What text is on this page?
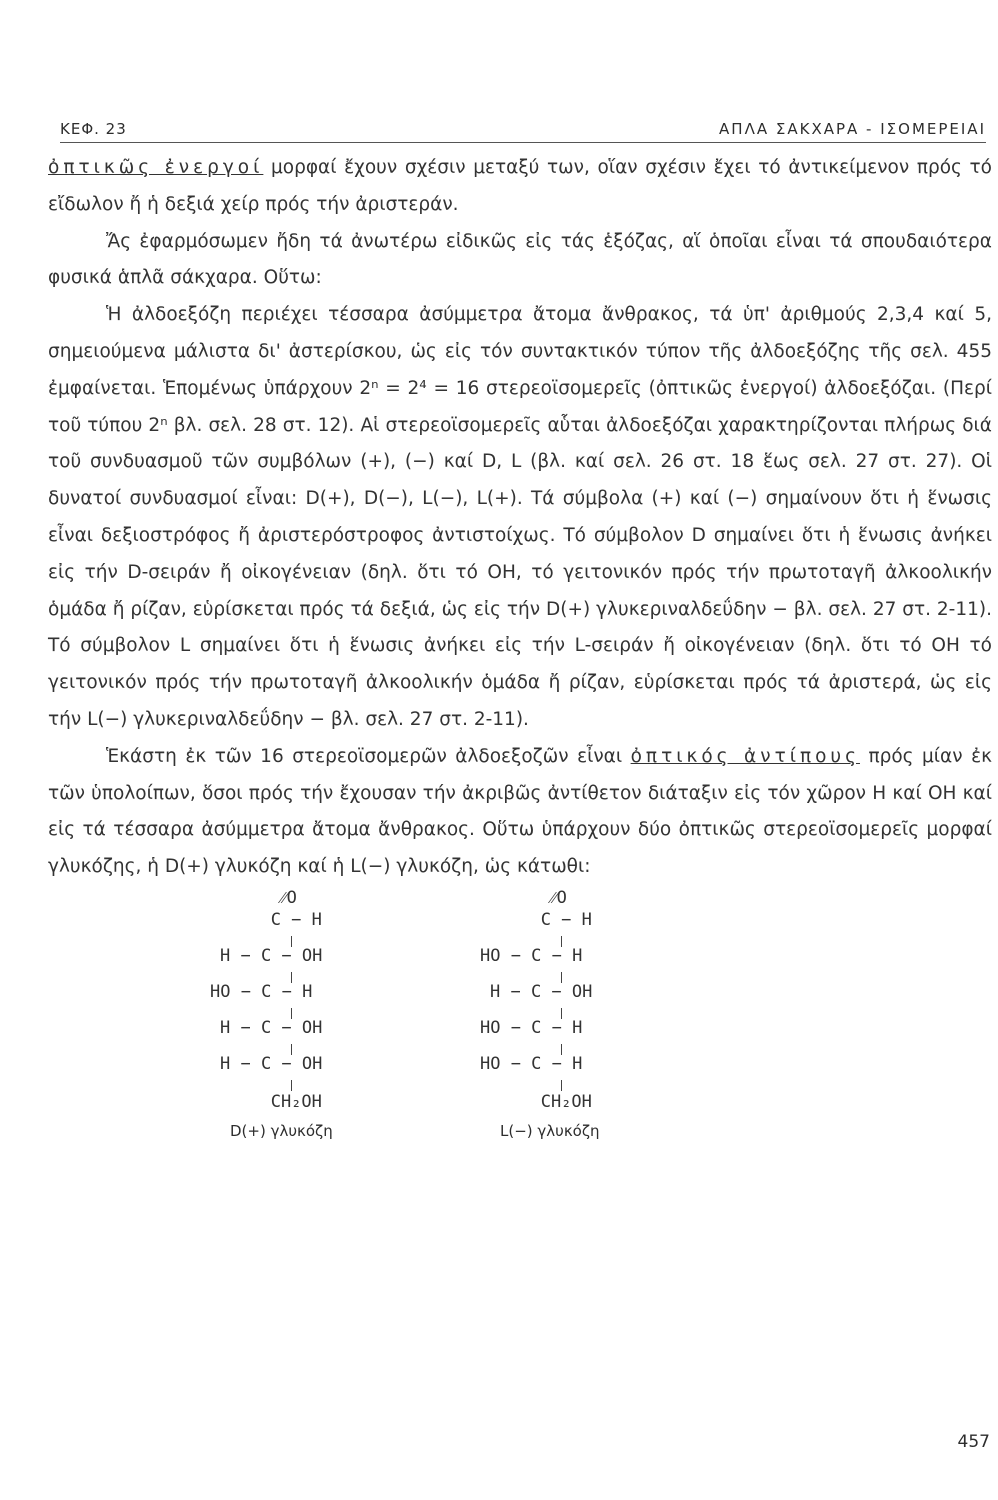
ΚΕΦ. 23	ΑΠΛΑ ΣΑΚΧΑΡΑ - ΙΣΟΜΕΡΕΙΑΙ

ὀπτικῶς ἐνεργοί μορφαί ἔχουν σχέσιν μεταξύ των, οἵαν σχέσιν ἔχει τό ἀντικείμενον πρός τό εἴδωλον ἤ ἡ δεξιά χείρ πρός τήν ἀριστεράν.

Ἄς ἐφαρμόσωμεν ἤδη τά ἀνωτέρω εἰδικῶς εἰς τάς ἑξόζας, αἵ ὁποῖαι εἶναι τά σπουδαιότερα φυσικά ἁπλᾶ σάκχαρα. Οὕτω:

Ἡ ἀλδοεξόζη περιέχει τέσσαρα ἀσύμμετρα ἄτομα ἄνθρακος, τά ὑπ' ἀριθμούς 2,3,4 καί 5, σημειούμενα μάλιστα δι' ἀστερίσκου, ὡς εἰς τόν συντακτικόν τύπον τῆς ἀλδοεξόζης τῆς σελ. 455 ἐμφαίνεται. Ἑπομένως ὑπάρχουν 2ⁿ = 2⁴ = 16 στερεοϊσομερεῖς (ὀπτικῶς ἐνεργοί) ἀλδοεξόζαι. (Περί τοῦ τύπου 2ⁿ βλ. σελ. 28 στ. 12). Αἱ στερεοϊσομερεῖς αὗται ἀλδοεξόζαι χαρακτηρίζονται πλήρως διά τοῦ συνδυασμοῦ τῶν συμβόλων (+), (−) καί D, L (βλ. καί σελ. 26 στ. 18 ἕως σελ. 27 στ. 27). Οἱ δυνατοί συνδυασμοί εἶναι: D(+), D(−), L(−), L(+). Τά σύμβολα (+) καί (−) σημαίνουν ὅτι ἡ ἕνωσις εἶναι δεξιοστρόφος ἤ ἀριστερόστροφος ἀντιστοίχως. Τό σύμβολον D σημαίνει ὅτι ἡ ἕνωσις ἀνήκει εἰς τήν D-σειράν ἤ οἰκογένειαν (δηλ. ὅτι τό OH, τό γειτονικόν πρός τήν πρωτοταγῆ ἀλκοολικήν ὁμάδα ἤ ρίζαν, εὑρίσκεται πρός τά δεξιά, ὡς εἰς τήν D(+) γλυκεριναλδεΰδην − βλ. σελ. 27 στ. 2-11). Τό σύμβολον L σημαίνει ὅτι ἡ ἕνωσις ἀνήκει εἰς τήν L-σειράν ἤ οἰκογένειαν (δηλ. ὅτι τό OH τό γειτονικόν πρός τήν πρωτοταγῆ ἀλκοολικήν ὁμάδα ἤ ρίζαν, εὑρίσκεται πρός τά ἀριστερά, ὡς εἰς τήν L(−) γλυκεριναλδεΰδην − βλ. σελ. 27 στ. 2-11).

Ἑκάστη ἐκ τῶν 16 στερεοϊσομερῶν ἀλδοεξοζῶν εἶναι ὀπτικός ἀντίπους πρός μίαν ἐκ τῶν ὑπολοίπων, ὅσοι πρός τήν ἔχουσαν τήν ἀκριβῶς ἀντίθετον διάταξιν εἰς τόν χῶρον H καί OH καί εἰς τά τέσσαρα ἀσύμμετρα ἄτομα ἄνθρακος. Οὕτω ὑπάρχουν δύο ὀπτικῶς στερεοϊσομερεῖς μορφαί γλυκόζης, ἡ D(+) γλυκόζη καί ἡ L(−) γλυκόζη, ὡς κάτωθι:

⁄⁄O
C − H
H − C − OH
HO − C − H
H − C − OH
H − C − OH
CH₂OH
D(+) γλυκόζη
⁄⁄O
C − H
HO − C − H
H − C − OH
HO − C − H
HO − C − H
CH₂OH
L(−) γλυκόζη
457
